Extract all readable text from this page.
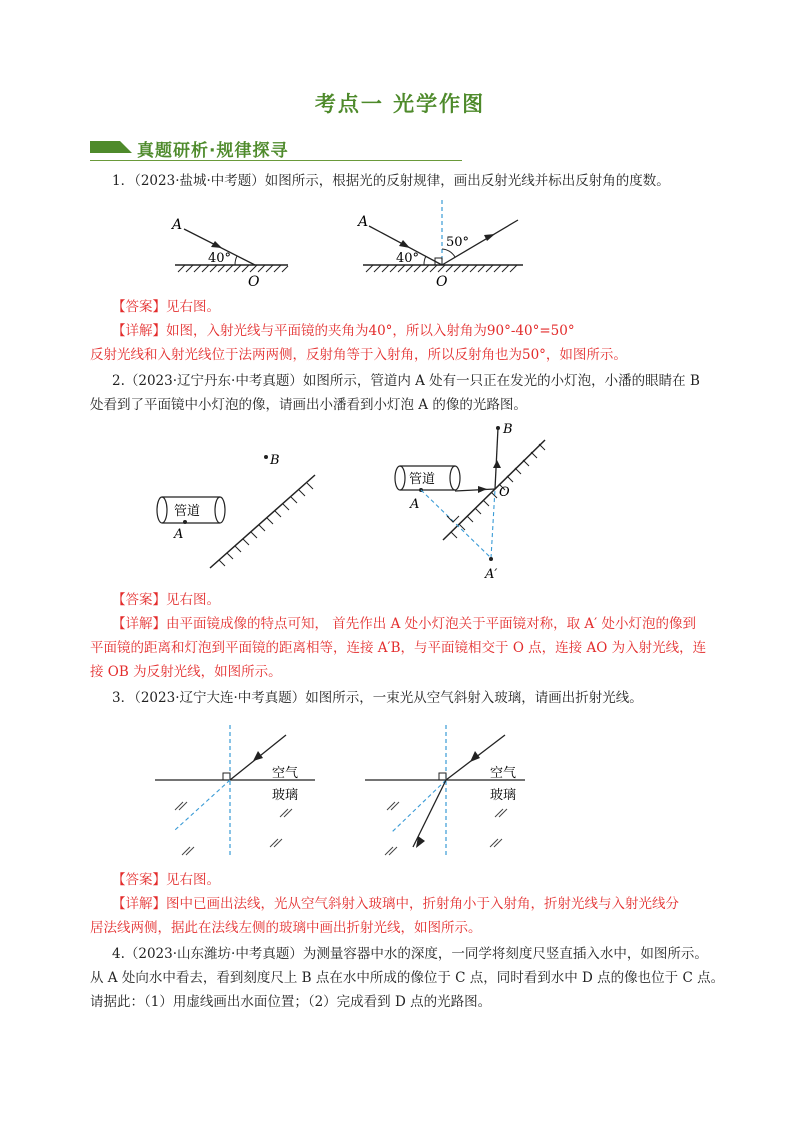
考点一 光学作图
真题研析·规律探寻
1．（2023·盐城·中考题）如图所示，根据光的反射规律，画出反射光线并标出反射角的度数。
A
40°
O
A
40°
50°
O
【答案】见右图。
【详解】如图，入射光线与平面镜的夹角为40°，所以入射角为90°-40°=50°
反射光线和入射光线位于法两两侧，反射角等于入射角，所以反射角也为50°，如图所示。
2.（2023·辽宁丹东·中考真题）如图所示，管道内 A 处有一只正在发光的小灯泡，小潘的眼睛在 B
处看到了平面镜中小灯泡的像，请画出小潘看到小灯泡 A 的像的光路图。
B
管道
A
B
管道
A
O
A′
【答案】见右图。
【详解】由平面镜成像的特点可知， 首先作出 A 处小灯泡关于平面镜对称，取 A′ 处小灯泡的像到
平面镜的距离和灯泡到平面镜的距离相等，连接 A′B，与平面镜相交于 O 点，连接 AO 为入射光线，连
接 OB 为反射光线，如图所示。
3．（2023·辽宁大连·中考真题）如图所示，一束光从空气斜射入玻璃，请画出折射光线。
空气
玻璃
空气
玻璃
【答案】见右图。
【详解】图中已画出法线，光从空气斜射入玻璃中，折射角小于入射角，折射光线与入射光线分
居法线两侧，据此在法线左侧的玻璃中画出折射光线，如图所示。
4.（2023·山东潍坊·中考真题）为测量容器中水的深度，一同学将刻度尺竖直插入水中，如图所示。
从 A 处向水中看去，看到刻度尺上 B 点在水中所成的像位于 C 点，同时看到水中 D 点的像也位于 C 点。
请据此：（1）用虚线画出水面位置；（2）完成看到 D 点的光路图。
